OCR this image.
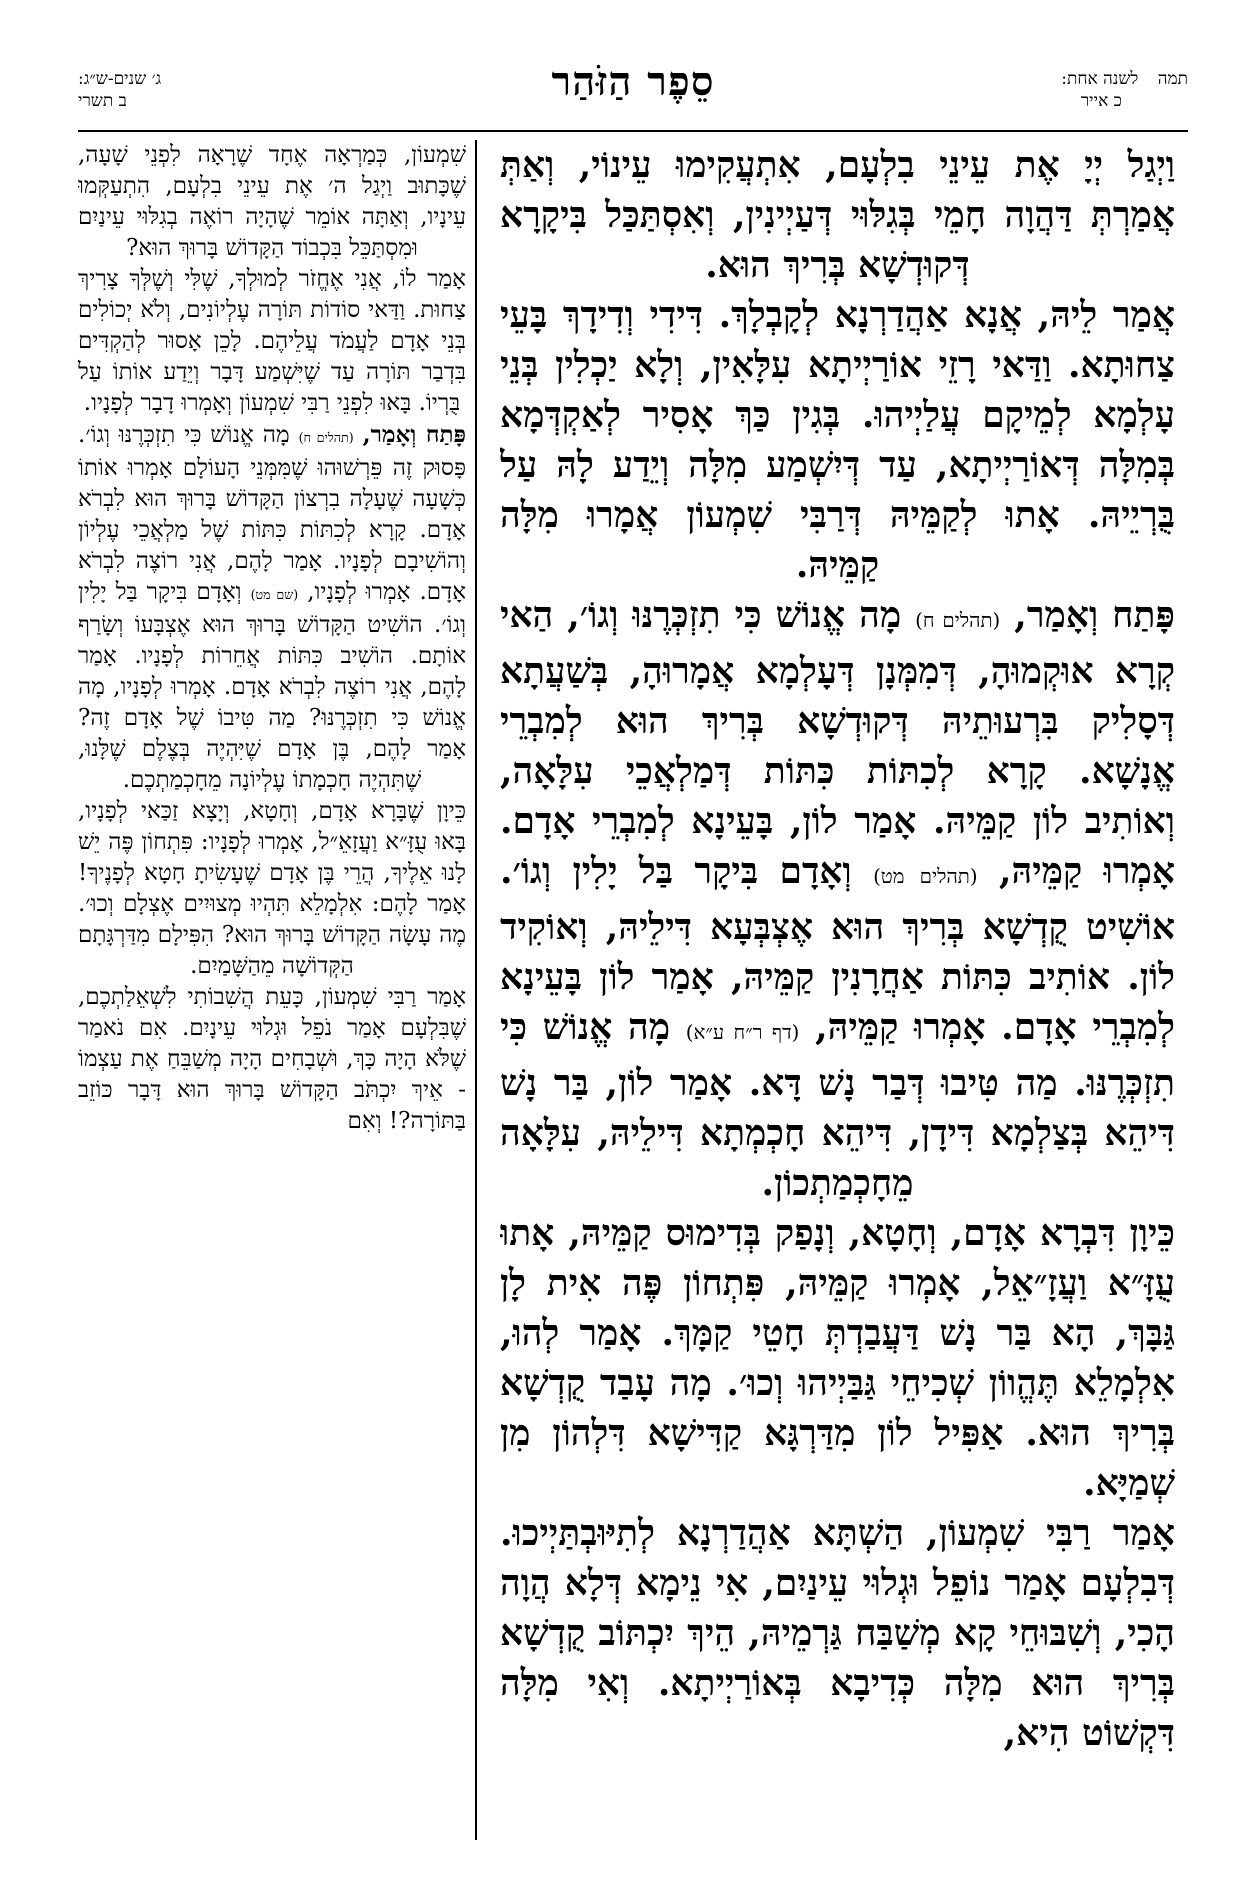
תמה לשנה אחת:
כ אייר
סֵפֶר הַזֹּהַר
ג׳ שנים-ש״ג:
ב תשרי

וַיְגַל יְיָ אֶת עֵינֵי בִלְעָם, אִתְעֲקִימוּ עֵינוֹי, וְאַתְּ אֲמַרְתְּ דַּהֲוָה חָמֵי בְּגִלּוּי דְּעַיְינִין, וְאִסְתַּכַּל בִּיקָרָא דְּקוּדְשָׁא בְּרִיךְ הוּא.

אֲמַר לֵיהּ, אֲנָא אַהֲדַרְנָא לְקָבְלָךְ. דִּידִי וְדִידָךְ בָּעֵי צַחוּתָא. וַדַּאי רָזֵי אוֹרַיְיתָא עִלָּאִין, וְלָא יַכְלִין בְּנֵי עָלְמָא לְמֵיקָם עֲלַיְיהוּ. בְּגִין כַּךְ אָסִיר לְאַקְדְּמָא בְּמִלָּה דְּאוֹרַיְיתָא, עַד דְּיִשְׁמַע מִלָּה וְיֵדַע לָהּ עַל בֻּרְיֵיהּ. אָתוּ לְקַמֵּיהּ דְּרַבִּי שִׁמְעוֹן אֲמָרוּ מִלָּה קַמֵּיהּ.

פָּתַח וְאָמַר, (תהלים ח) מָה אֱנוֹשׁ כִּי תִזְכְּרֶנּוּ וְגוֹ׳, הַאי קְרָא אוּקְמוּהָ, דְּמִמְּנָן דְּעָלְמָא אֲמָרוּהָ, בְּשַׁעֲתָא דְּסָלִיק בִּרְעוּתֵיהּ דְּקוּדְשָׁא בְּרִיךְ הוּא לְמִבְרֵי אֱנָשָׁא. קָרָא לְכִתּוֹת כִּתּוֹת דְּמַלְאֲכֵי עִלָּאָה, וְאוֹתִיב לוֹן קַמֵּיהּ. אָמַר לוֹן, בָּעֵינָא לְמִבְרֵי אָדָם. אָמְרוּ קַמֵּיהּ, (תהלים מט) וְאָדָם בִּיקָר בַּל יָלִין וְגוֹ׳. אוֹשִׁיט קֻדְשָׁא בְּרִיךְ הוּא אֶצְבְּעָא דִּילֵיהּ, וְאוֹקִיד לוֹן. אוֹתִיב כִּתּוֹת אַחֲרָנִין קַמֵּיהּ, אָמַר לוֹן בָּעֵינָא לְמִבְרֵי אָדָם. אָמְרוּ קַמֵּיהּ, (דף ר״ח ע״א) מָה אֱנוֹשׁ כִּי תִזְכְּרֶנּוּ. מַה טִּיבוּ דְּבַר נָשׁ דָּא. אָמַר לוֹן, בַּר נָשׁ דִּיהֵא בְּצַלְמָא דִּידָן, דִּיהֵא חָכְמְתָא דִּילֵיהּ, עִלָּאָה מֵחָכְמַתְכוֹן.

כֵּיוָן דִּבְרָא אָדָם, וְחָטָא, וְנָפַק בְּדִימוּס קַמֵּיהּ, אָתוּ עֻזָּ״א וַעֲזָ״אֵל, אָמְרוּ קַמֵּיהּ, פִּתְחוֹן פֶּה אִית לָן גַּבָּךְ, הָא בַּר נָשׁ דַּעֲבַדְתְּ חָטֵי קַמָּךְ. אָמַר לְהוּ, אִלְמָלֵא תֶּהֱווֹן שְׁכִיחֵי גַּבַּיְיהוּ וְכוּ׳. מָה עָבַד קֻדְשָׁא בְּרִיךְ הוּא. אַפִּיל לוֹן מִדַּרְגָּא קַדִּישָׁא דִּלְהוֹן מִן שְׁמַיָּא.

אָמַר רַבִּי שִׁמְעוֹן, הַשְׁתָּא אַהֲדַרְנָא לְתִיּוּבְתַּיְיכוּ. דְּבִלְעָם אָמַר נוֹפֵל וּגְלוּי עֵינַיִם, אִי נֵימָא דְּלָא הֲוָה הָכִי, וְשִׁבּוּחֵי קָא מְשַׁבַּח גַּרְמֵיהּ, הֵיךְ יִכְתּוֹב קֻדְשָׁא בְּרִיךְ הוּא מִלָּה כְּדִיבָא בְּאוֹרַיְיתָא. וְאִי מִלָּה דִּקְשׁוֹט הִיא,

שִׁמְעוֹן, כְּמַרְאָה אֶחָד שֶׁרָאָה לִפְנֵי שָׁעָה, שֶׁכָּתוּב וַיְגַל ה׳ אֶת עֵינֵי בִלְעָם, הִתְעַקְּמוּ עֵינָיו, וְאַתָּה אוֹמֵר שֶׁהָיָה רוֹאֶה בְגִלּוּי עֵינַיִם וּמִסְתַּכֵּל בִּכְבוֹד הַקָּדוֹשׁ בָּרוּךְ הוּא?

אָמַר לוֹ, אֲנִי אֶחֱזֹר לְמוּלְךָ, שֶׁלִּי וְשֶׁלְּךָ צָרִיךְ צַחוּת. וַדַּאי סוֹדוֹת תּוֹרָה עֶלְיוֹנִים, וְלֹא יְכוֹלִים בְּנֵי אָדָם לַעֲמֹד עֲלֵיהֶם. לָכֵן אָסוּר לְהַקְדִּים בִּדְבַר תּוֹרָה עַד שֶׁיִּשְׁמַע דָּבָר וְיֵדַע אוֹתוֹ עַל בֻּרְיוֹ. בָּאוּ לִפְנֵי רַבִּי שִׁמְעוֹן וְאָמְרוּ דָבָר לְפָנָיו.

פָּתַח וְאָמַר, (תהלים ח) מָה אֱנוֹשׁ כִּי תִזְכְּרֶנּוּ וְגוֹ׳. פָּסוּק זֶה פֵּרְשׁוּהוּ שֶׁמִּמְּנֵי הָעוֹלָם אָמְרוּ אוֹתוֹ כְּשָׁעָה שֶׁעָלָה בִרְצוֹן הַקָּדוֹשׁ בָּרוּךְ הוּא לִבְרֹא אָדָם. קָרָא לְכִתּוֹת כִּתּוֹת שֶׁל מַלְאֲכֵי עֶלְיוֹן וְהוֹשִׁיבָם לְפָנָיו. אָמַר לָהֶם, אֲנִי רוֹצֶה לִבְרֹא אָדָם. אָמְרוּ לְפָנָיו, (שם מט) וְאָדָם בִּיקָר בַּל יָלִין וְגוֹ׳. הוֹשִׁיט הַקָּדוֹשׁ בָּרוּךְ הוּא אֶצְבָּעוֹ וְשָׂרַף אוֹתָם. הוֹשִׁיב כִּתּוֹת אֲחֵרוֹת לְפָנָיו. אָמַר לָהֶם, אֲנִי רוֹצֶה לִבְרֹא אָדָם. אָמְרוּ לְפָנָיו, מָה אֱנוֹשׁ כִּי תִזְכְּרֶנּוּ? מַה טִּיבוֹ שֶׁל אָדָם זֶה? אָמַר לָהֶם, בֶּן אָדָם שֶׁיִּהְיֶה בְּצֶלֶם שֶׁלָּנוּ, שֶׁתִּהְיֶה חָכְמָתוֹ עֶלְיוֹנָה מֵחָכְמַתְכֶם.

כֵּיוָן שֶׁבָּרָא אָדָם, וְחָטָא, וְיָצָא זַכַּאי לְפָנָיו, בָּאוּ עֻזָּ״א וַעֲזָאֵ״ל, אָמְרוּ לְפָנָיו: פִּתְחוֹן פֶּה יֵשׁ לָנוּ אֵלֶיךָ, הֲרֵי בֶּן אָדָם שֶׁעָשִׂיתָ חָטָא לְפָנֶיךָ! אָמַר לָהֶם: אִלְמָלֵא תִּהְיוּ מְצוּיִים אֶצְלָם וְכוּ׳. מֶה עָשָׂה הַקָּדוֹשׁ בָּרוּךְ הוּא? הִפִּילָם מִדַּרְגָּתָם הַקְּדוֹשָׁה מֵהַשָּׁמַיִם.

אָמַר רַבִּי שִׁמְעוֹן, כָּעֵת הֲשִׁבוֹתִי לִשְׁאֵלַתְכֶם, שֶׁבִּלְעָם אָמַר נֹפֵל וּגְלוּי עֵינָיִם. אִם נֹאמַר שֶׁלֹּא הָיָה כָּךְ, וּשְׁבָחִים הָיָה מְשַׁבֵּחַ אֶת עַצְמוֹ - אֵיךְ יִכְתֹּב הַקָּדוֹשׁ בָּרוּךְ הוּא דָּבָר כּוֹזֵב בַּתּוֹרָה?! וְאִם
